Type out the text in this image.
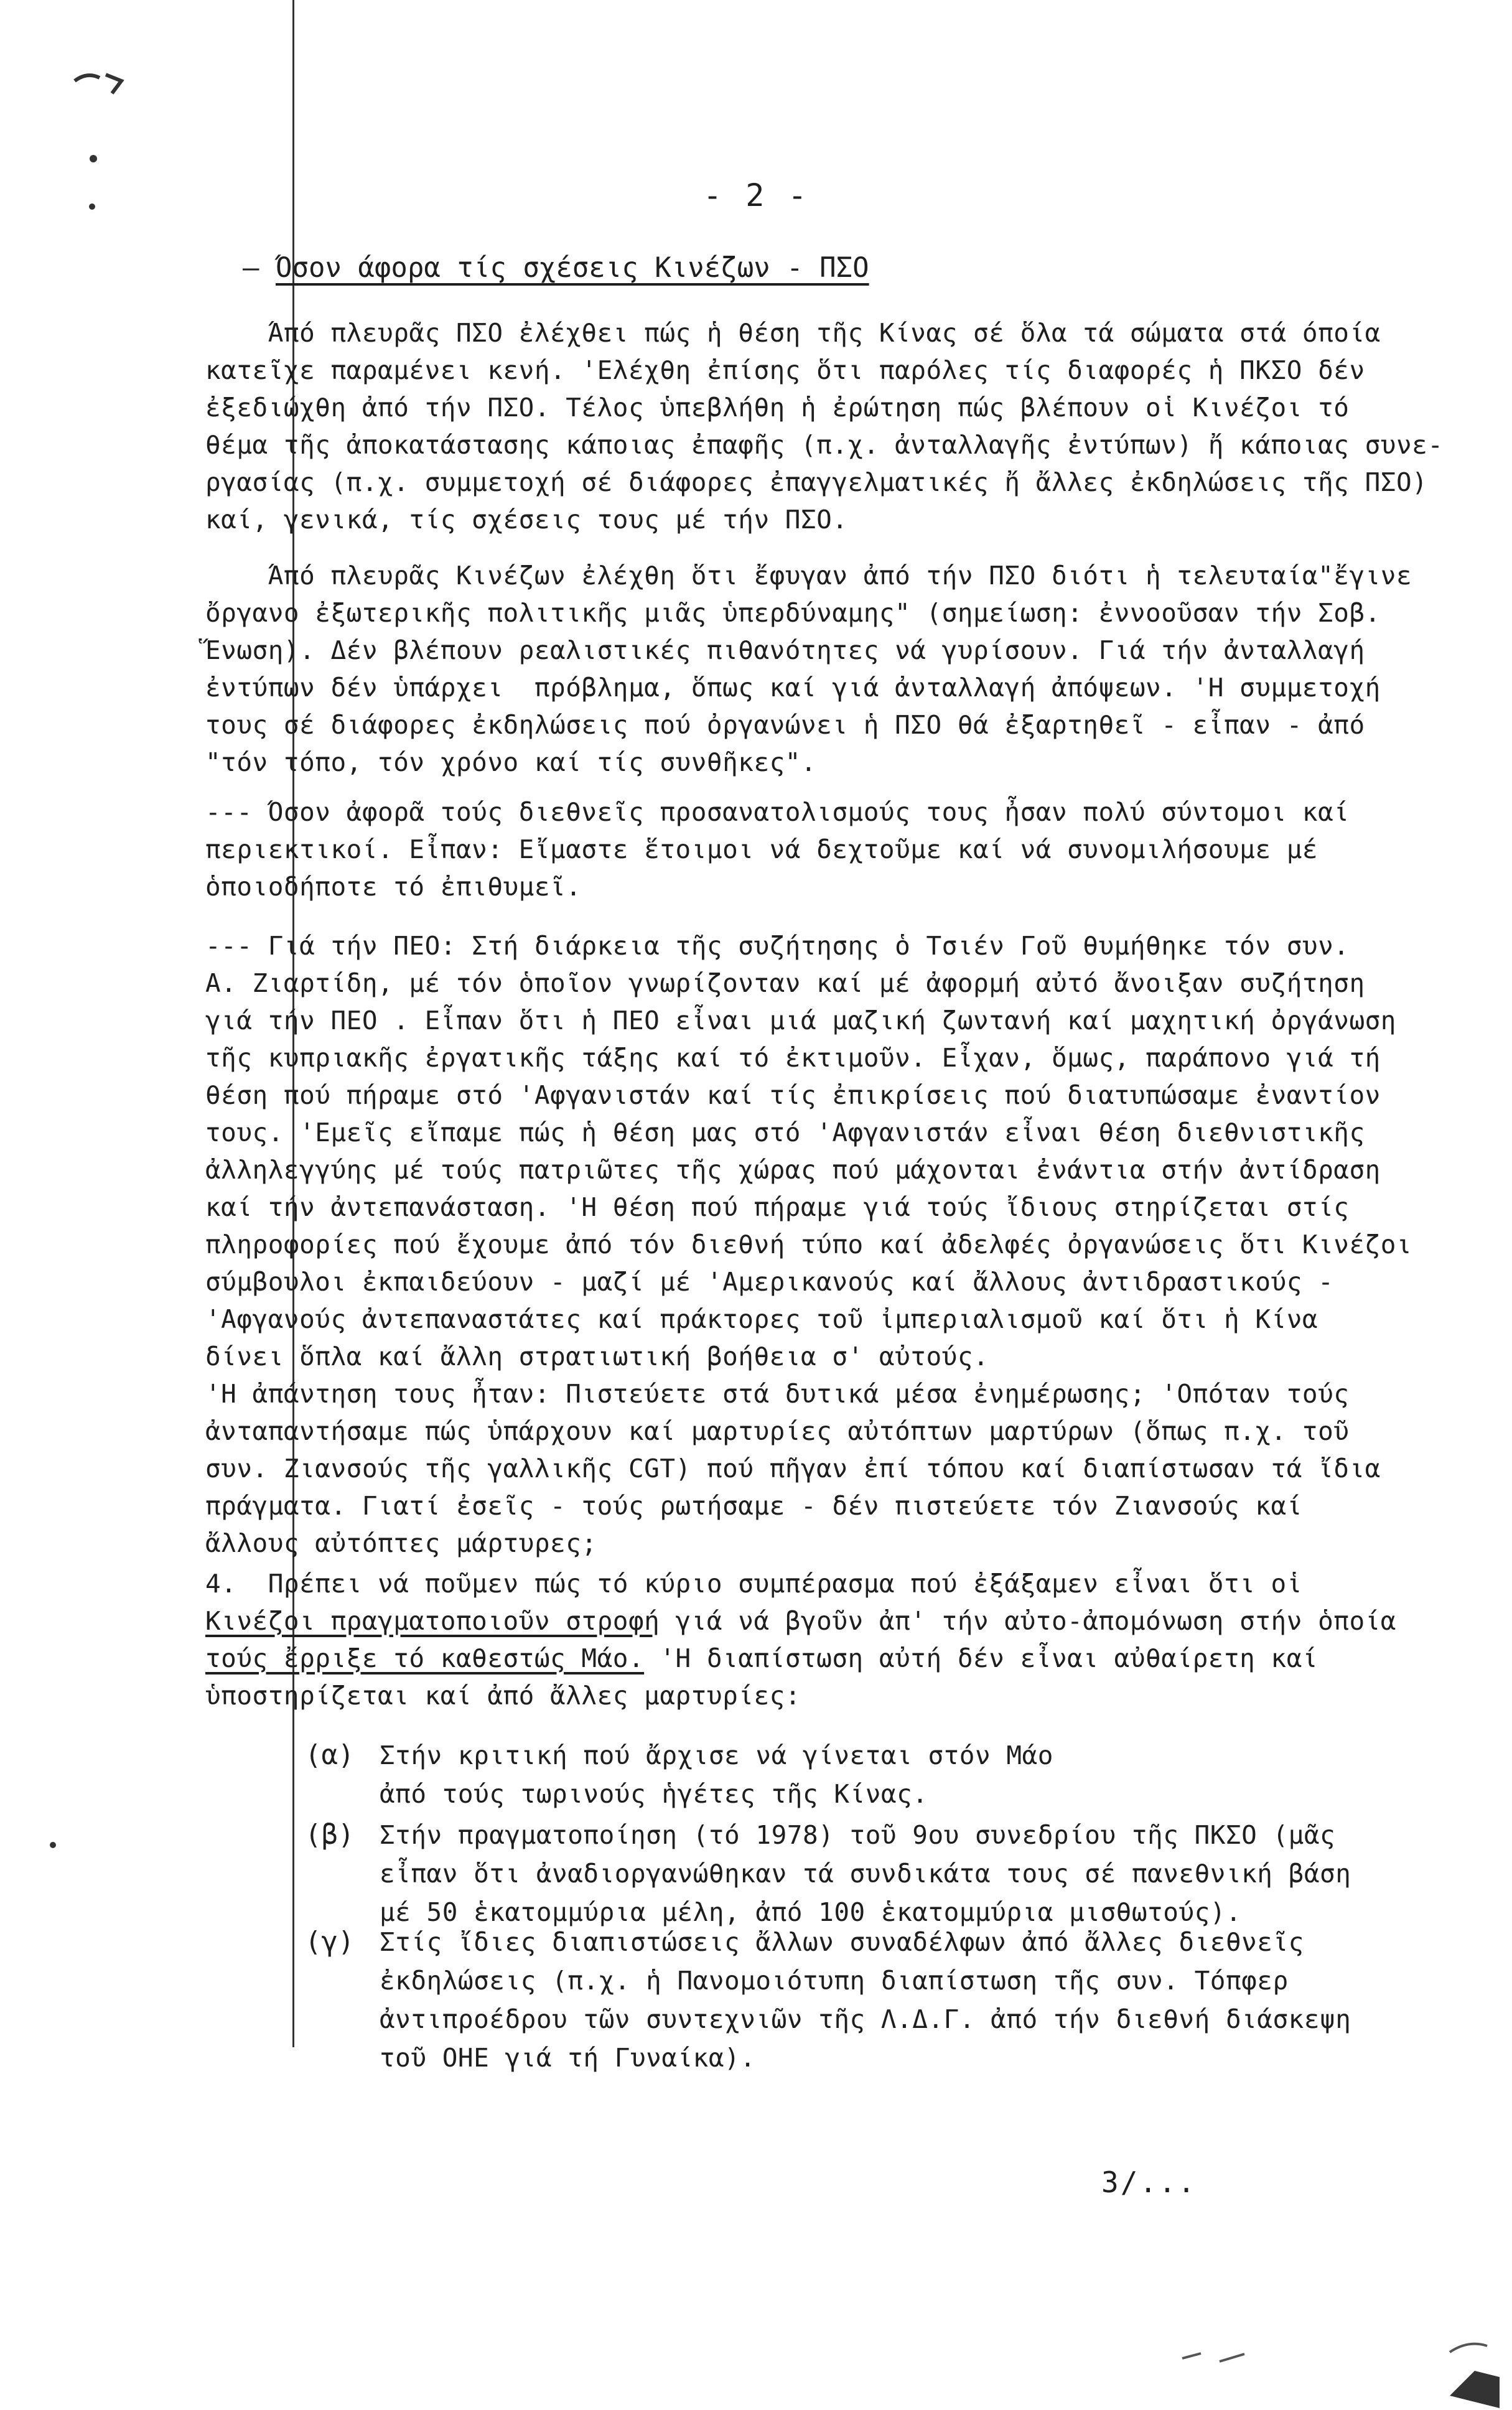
- 2 -
– Όσον άφορα τίς σχέσεις Κινέζων - ΠΣΟ
Άπό πλευρᾶς ΠΣΟ ἐλέχθει πώς ἡ θέση τῆς Κίνας σέ ὅλα τά σώματα στά όποία
κατεῖχε παραμένει κενή. 'Ελέχθη ἐπίσης ὅτι παρόλες τίς διαφορές ἡ ΠΚΣΟ δέν
ἐξεδιώχθη ἀπό τήν ΠΣΟ. Τέλος ὑπεβλήθη ἡ ἐρώτηση πώς βλέπουν οἱ Κινέζοι τό
θέμα τῆς ἀποκατάστασης κάποιας ἐπαφῆς (π.χ. ἀνταλλαγῆς ἐντύπων) ἤ κάποιας συνε-
ργασίας (π.χ. συμμετοχή σέ διάφορες ἐπαγγελματικές ἤ ἄλλες ἐκδηλώσεις τῆς ΠΣΟ)
καί, γενικά, τίς σχέσεις τους μέ τήν ΠΣΟ.
Άπό πλευρᾶς Κινέζων ἐλέχθη ὅτι ἔφυγαν ἀπό τήν ΠΣΟ διότι ἡ τελευταία"ἔγινε
ὄργανο ἐξωτερικῆς πολιτικῆς μιᾶς ὑπερδύναμης" (σημείωση: ἐννοοῦσαν τήν Σοβ.
Ἕνωση). Δέν βλέπουν ρεαλιστικές πιθανότητες νά γυρίσουν. Γιά τήν ἀνταλλαγή
ἐντύπων δέν ὑπάρχει  πρόβλημα, ὅπως καί γιά ἀνταλλαγή ἀπόψεων. 'Η συμμετοχή
τους σέ διάφορες ἐκδηλώσεις πού ὀργανώνει ἡ ΠΣΟ θά ἐξαρτηθεῖ - εἶπαν - ἀπό
"τόν τόπο, τόν χρόνο καί τίς συνθῆκες".
--- Όσον ἀφορᾶ τούς διεθνεῖς προσανατολισμούς τους ἦσαν πολύ σύντομοι καί
περιεκτικοί. Εἶπαν: Εἴμαστε ἕτοιμοι νά δεχτοῦμε καί νά συνομιλήσουμε μέ
ὁποιοδήποτε τό ἐπιθυμεῖ.
--- Γιά τήν ΠΕΟ: Στή διάρκεια τῆς συζήτησης ὁ Τσιέν Γοῦ θυμήθηκε τόν συν.
Α. Ζιαρτίδη, μέ τόν ὁποῖον γνωρίζονταν καί μέ ἀφορμή αὐτό ἄνοιξαν συζήτηση
γιά τήν ΠΕΟ . Εἶπαν ὅτι ἡ ΠΕΟ εἶναι μιά μαζική ζωντανή καί μαχητική ὀργάνωση
τῆς κυπριακῆς ἐργατικῆς τάξης καί τό ἐκτιμοῦν. Εἶχαν, ὅμως, παράπονο γιά τή
θέση πού πήραμε στό 'Αφγανιστάν καί τίς ἐπικρίσεις πού διατυπώσαμε ἐναντίον
τους. 'Εμεῖς εἴπαμε πώς ἡ θέση μας στό 'Αφγανιστάν εἶναι θέση διεθνιστικῆς
ἀλληλεγγύης μέ τούς πατριῶτες τῆς χώρας πού μάχονται ἐνάντια στήν ἀντίδραση
καί τήν ἀντεπανάσταση. 'Η θέση πού πήραμε γιά τούς ἴδιους στηρίζεται στίς
πληροφορίες πού ἔχουμε ἀπό τόν διεθνή τύπο καί ἀδελφές ὀργανώσεις ὅτι Κινέζοι
σύμβουλοι ἐκπαιδεύουν - μαζί μέ 'Αμερικανούς καί ἄλλους ἀντιδραστικούς -
'Αφγανούς ἀντεπαναστάτες καί πράκτορες τοῦ ἰμπεριαλισμοῦ καί ὅτι ἡ Κίνα
δίνει ὅπλα καί ἄλλη στρατιωτική βοήθεια σ' αὐτούς.
'Η ἀπάντηση τους ἦταν: Πιστεύετε στά δυτικά μέσα ἐνημέρωσης; 'Οπόταν τούς
ἀνταπαντήσαμε πώς ὑπάρχουν καί μαρτυρίες αὐτόπτων μαρτύρων (ὅπως π.χ. τοῦ
συν. Ζιανσούς τῆς γαλλικῆς CGT) πού πῆγαν ἐπί τόπου καί διαπίστωσαν τά ἴδια
πράγματα. Γιατί ἐσεῖς - τούς ρωτήσαμε - δέν πιστεύετε τόν Ζιανσούς καί
ἄλλους αὐτόπτες μάρτυρες;
4.  Πρέπει νά ποῦμεν πώς τό κύριο συμπέρασμα πού ἐξάξαμεν εἶναι ὅτι οἱ
Κινέζοι πραγματοποιοῦν στροφή γιά νά βγοῦν ἀπ' τήν αὐτο-ἀπομόνωση στήν ὁποία
τούς ἔρριξε τό καθεστώς Μάο. 'Η διαπίστωση αὐτή δέν εἶναι αὐθαίρετη καί
ὑποστηρίζεται καί ἀπό ἄλλες μαρτυρίες:
(α) Στήν κριτική πού ἄρχισε νά γίνεται στόν Μάο
ἀπό τούς τωρινούς ἡγέτες τῆς Κίνας.
(β) Στήν πραγματοποίηση (τό 1978) τοῦ 9ου συνεδρίου τῆς ΠΚΣΟ (μᾶς
εἶπαν ὅτι ἀναδιοργανώθηκαν τά συνδικάτα τους σέ πανεθνική βάση
μέ 50 ἑκατομμύρια μέλη, ἀπό 100 ἑκατομμύρια μισθωτούς).
(γ) Στίς ἴδιες διαπιστώσεις ἄλλων συναδέλφων ἀπό ἄλλες διεθνεῖς
ἐκδηλώσεις (π.χ. ἡ Πανομοιότυπη διαπίστωση τῆς συν. Τόπφερ
ἀντιπροέδρου τῶν συντεχνιῶν τῆς Λ.Δ.Γ. ἀπό τήν διεθνή διάσκεψη
τοῦ ΟΗΕ γιά τή Γυναίκα).
3/...
